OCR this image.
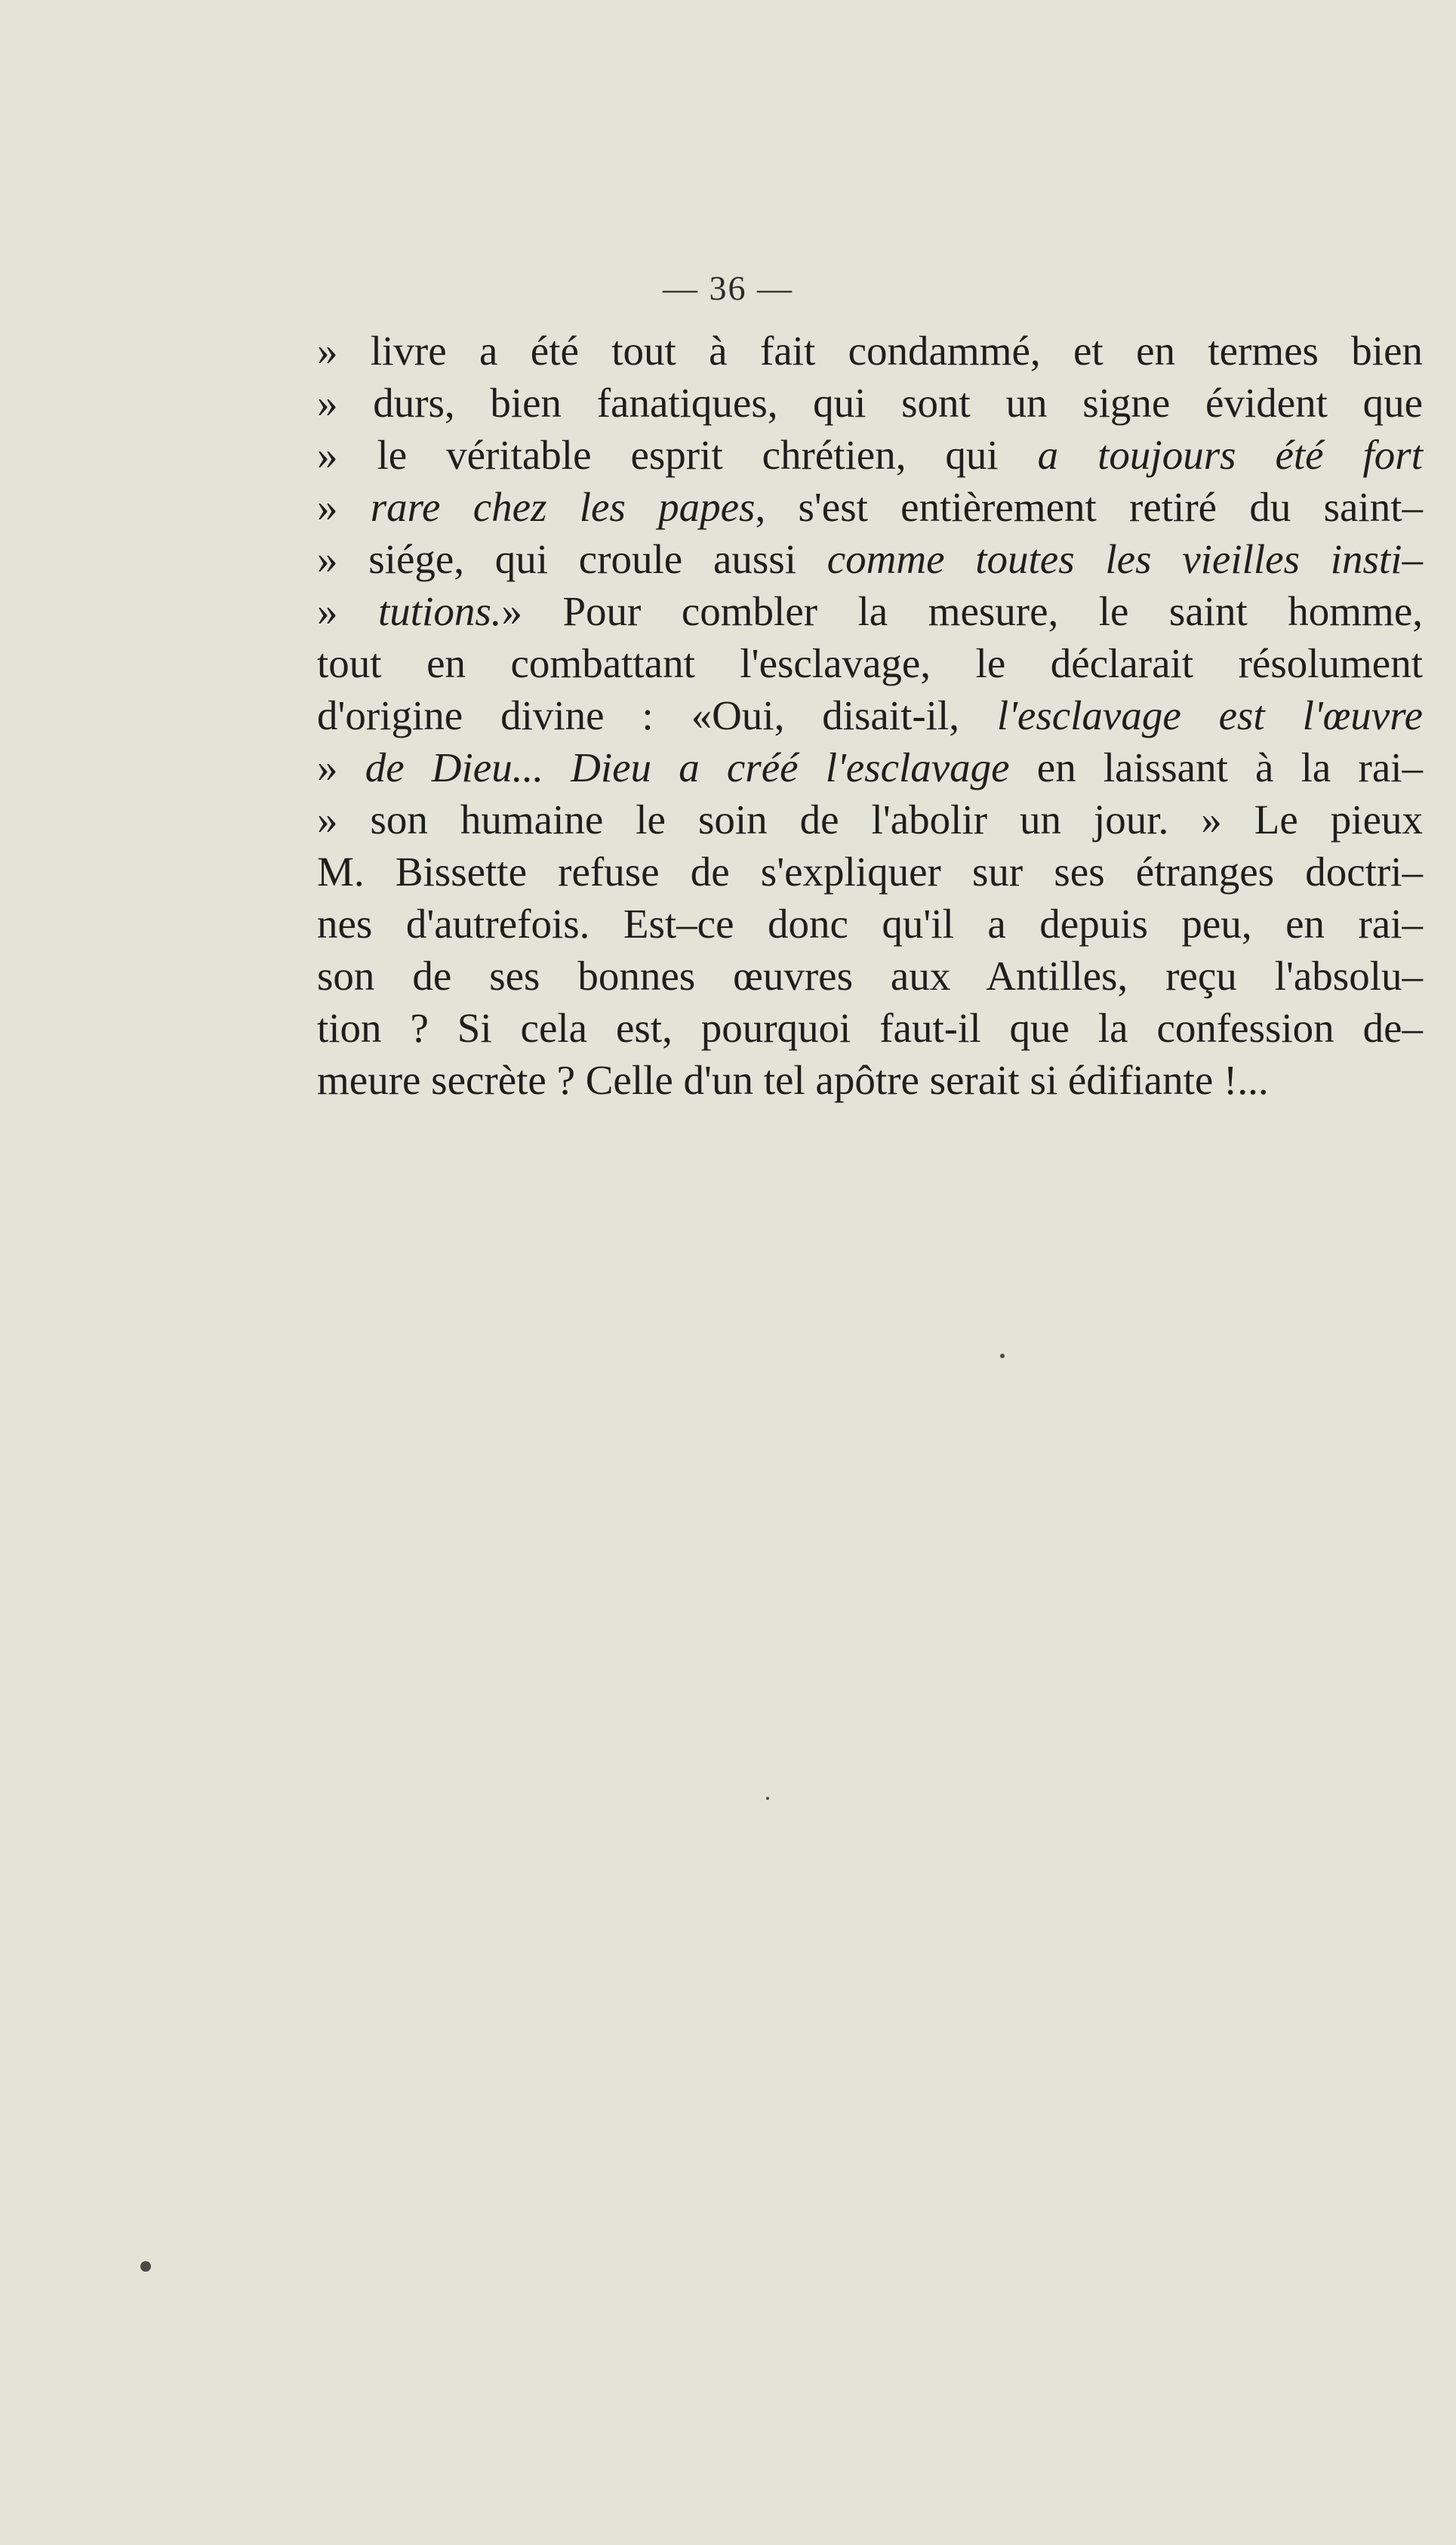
— 36 —
» livre a été tout à fait condammé, et en termes bien
» durs, bien fanatiques, qui sont un signe évident que
» le véritable esprit chrétien, qui a toujours été fort
» rare chez les papes, s'est entièrement retiré du saint–
» siége, qui croule aussi comme toutes les vieilles insti–
» tutions.» Pour combler la mesure, le saint homme,
tout en combattant l'esclavage, le déclarait résolument
d'origine divine : «Oui, disait-il, l'esclavage est l'œuvre
» de Dieu... Dieu a créé l'esclavage en laissant à la rai–
» son humaine le soin de l'abolir un jour. » Le pieux
M. Bissette refuse de s'expliquer sur ses étranges doctri–
nes d'autrefois. Est–ce donc qu'il a depuis peu, en rai–
son de ses bonnes œuvres aux Antilles, reçu l'absolu–
tion ? Si cela est, pourquoi faut-il que la confession de–
meure secrète ? Celle d'un tel apôtre serait si édifiante !...
